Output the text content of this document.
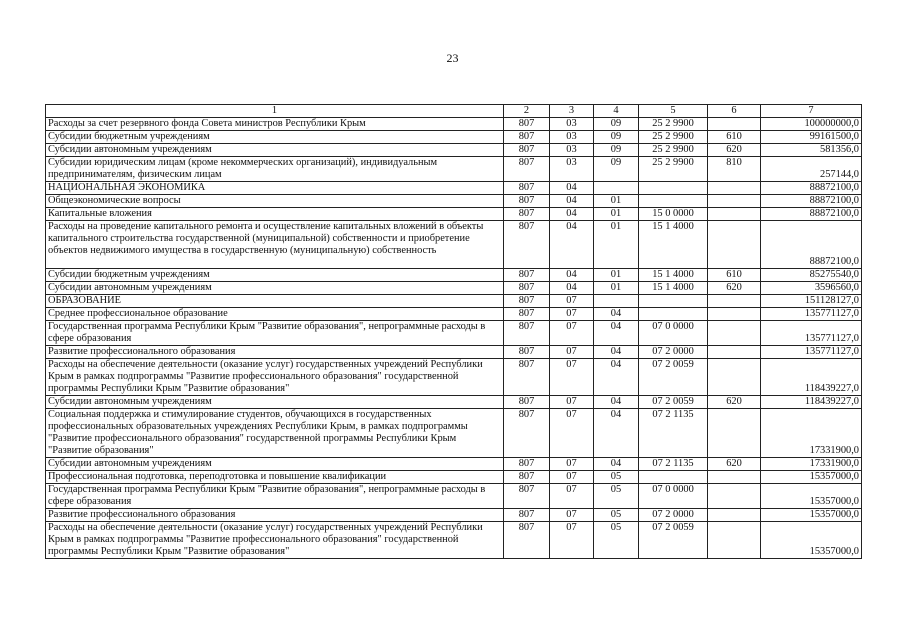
23
1	2	3	4	5	6	7
Расходы за счет резервного фонда Совета министров Республики Крым	807	03	09	25 2 9900		100000000,0
Субсидии бюджетным учреждениям	807	03	09	25 2 9900	610	99161500,0
Субсидии автономным учреждениям	807	03	09	25 2 9900	620	581356,0
Субсидии юридическим лицам (кроме некоммерческих организаций), индивидуальным предпринимателям, физическим лицам	807	03	09	25 2 9900	810	257144,0
НАЦИОНАЛЬНАЯ ЭКОНОМИКА	807	04				88872100,0
Общеэкономические вопросы	807	04	01			88872100,0
Капитальные вложения	807	04	01	15 0 0000		88872100,0
Расходы на проведение капитального ремонта и осуществление капитальных вложений в объекты капитального строительства государственной (муниципальной) собственности и приобретение объектов недвижимого имущества в государственную (муниципальную) собственность	807	04	01	15 1 4000		88872100,0
Субсидии бюджетным учреждениям	807	04	01	15 1 4000	610	85275540,0
Субсидии автономным учреждениям	807	04	01	15 1 4000	620	3596560,0
ОБРАЗОВАНИЕ	807	07				151128127,0
Среднее профессиональное образование	807	07	04			135771127,0
Государственная программа Республики Крым "Развитие образования", непрограммные расходы в сфере образования	807	07	04	07 0 0000		135771127,0
Развитие профессионального образования	807	07	04	07 2 0000		135771127,0
Расходы на обеспечение деятельности (оказание услуг) государственных учреждений Республики Крым в рамках подпрограммы "Развитие профессионального образования" государственной программы Республики Крым "Развитие образования"	807	07	04	07 2 0059		118439227,0
Субсидии автономным учреждениям	807	07	04	07 2 0059	620	118439227,0
Социальная поддержка и стимулирование студентов, обучающихся в государственных профессиональных образовательных учреждениях Республики Крым, в рамках подпрограммы "Развитие профессионального образования" государственной программы Республики Крым "Развитие образования"	807	07	04	07 2 1135		17331900,0
Субсидии автономным учреждениям	807	07	04	07 2 1135	620	17331900,0
Профессиональная подготовка, переподготовка и повышение квалификации	807	07	05			15357000,0
Государственная программа Республики Крым "Развитие образования", непрограммные расходы в сфере образования	807	07	05	07 0 0000		15357000,0
Развитие профессионального образования	807	07	05	07 2 0000		15357000,0
Расходы на обеспечение деятельности (оказание услуг) государственных учреждений Республики Крым в рамках подпрограммы "Развитие профессионального образования" государственной программы Республики Крым "Развитие образования"	807	07	05	07 2 0059		15357000,0
